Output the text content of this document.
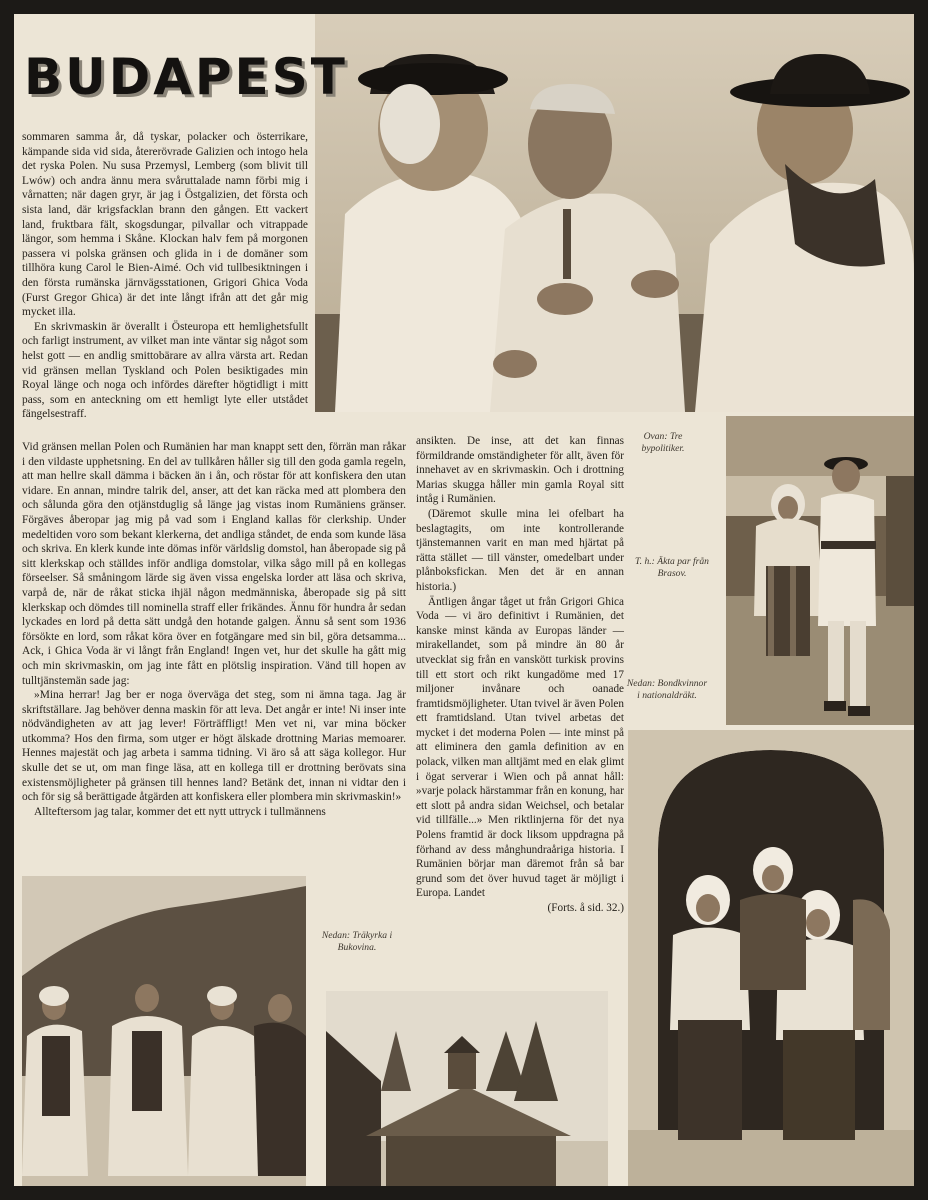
BUDAPEST

sommaren samma år, då tyskar, polacker och österrikare, kämpande sida vid sida, återerövrade Galizien och intogo hela det ryska Polen. Nu susa Przemysl, Lemberg (som blivit till Lwów) och andra ännu mera svåruttalade namn förbi mig i vårnatten; när dagen gryr, är jag i Östgalizien, det första och sista land, där krigsfacklan brann den gången. Ett vackert land, fruktbara fält, skogsdungar, pilvallar och vitrappade längor, som hemma i Skåne. Klockan halv fem på morgonen passera vi polska gränsen och glida in i de domäner som tillhöra kung Carol le Bien-Aimé. Och vid tullbesiktningen i den första rumänska järnvägsstationen, Grigori Ghica Voda (Furst Gregor Ghica) är det inte långt ifrån att det går mig mycket illa.

En skrivmaskin är överallt i Östeuropa ett hemlighetsfullt och farligt instrument, av vilket man inte väntar sig något som helst gott — en andlig smittobärare av allra värsta art. Redan vid gränsen mellan Tyskland och Polen besiktigades min Royal länge och noga och infördes därefter högtidligt i mitt pass, som en anteckning om ett hemligt lyte eller utstådet fängelsestraff.

Vid gränsen mellan Polen och Rumänien har man knappt sett den, förrän man råkar i den vildaste upphetsning. En del av tullkåren håller sig till den goda gamla regeln, att man hellre skall dämma i bäcken än i ån, och röstar för att konfiskera den utan vidare. En annan, mindre talrik del, anser, att det kan räcka med att plombera den och sålunda göra den otjänstduglig så länge jag vistas inom Rumäniens gränser. Förgäves åberopar jag mig på vad som i England kallas för clerkship. Under medeltiden voro som bekant klerkerna, det andliga ståndet, de enda som kunde läsa och skriva. En klerk kunde inte dömas inför världslig domstol, han åberopade sig på sitt klerkskap och ställdes inför andliga domstolar, vilka sågo mill på en kollegas förseelser. Så småningom lärde sig även vissa engelska lorder att läsa och skriva, varpå de, när de råkat sticka ihjäl någon medmänniska, åberopade sig på sitt klerkskap och dömdes till nominella straff eller frikändes. Ännu för hundra år sedan lyckades en lord på detta sätt undgå den hotande galgen. Ännu så sent som 1936 försökte en lord, som råkat köra över en fotgängare med sin bil, göra detsamma... Ack, i Ghica Voda är vi långt från England! Ingen vet, hur det skulle ha gått mig och min skrivmaskin, om jag inte fått en plötslig inspiration. Vänd till hopen av tulltjänstemän sade jag:

»Mina herrar! Jag ber er noga överväga det steg, som ni ämna taga. Jag är skriftställare. Jag behöver denna maskin för att leva. Det angår er inte! Ni inser inte nödvändigheten av att jag lever! Förträffligt! Men vet ni, var mina böcker utkomma? Hos den firma, som utger er högt älskade drottning Marias memoarer. Hennes majestät och jag arbeta i samma tidning. Vi äro så att säga kollegor. Hur skulle det se ut, om man finge läsa, att en kollega till er drottning berövats sina existensmöjligheter på gränsen till hennes land? Betänk det, innan ni vidtar den i och för sig så berättigade åtgärden att konfiskera eller plombera min skrivmaskin!»

Allteftersom jag talar, kommer det ett nytt uttryck i tullmännens

ansikten. De inse, att det kan finnas förmildrande omständigheter för allt, även för innehavet av en skrivmaskin. Och i drottning Marias skugga håller min gamla Royal sitt intåg i Rumänien.

(Däremot skulle mina lei ofelbart ha beslagtagits, om inte kontrollerande tjänstemannen varit en man med hjärtat på rätta stället — till vänster, omedelbart under plånboksfickan. Men det är en annan historia.)

Äntligen ångar tåget ut från Grigori Ghica Voda — vi äro definitivt i Rumänien, det kanske minst kända av Europas länder — mirakellandet, som på mindre än 80 år utvecklat sig från en vanskött turkisk provins till ett stort och rikt kungadöme med 17 miljoner invånare och oanade framtidsmöjligheter. Utan tvivel är även Polen ett framtidsland. Utan tvivel arbetas det mycket i det moderna Polen — inte minst på att eliminera den gamla definition av en polack, vilken man alltjämt med en elak glimt i ögat serverar i Wien och på annat håll: »varje polack härstammar från en konung, har ett slott på andra sidan Weichsel, och betalar vid tillfälle...» Men riktlinjerna för det nya Polens framtid är dock liksom uppdragna på förhand av dess månghundraåriga historia. I Rumänien börjar man däremot från så bar grund som det över huvud taget är möjligt i Europa. Landet

(Forts. å sid. 32.)

Ovan: Tre bypolitiker.
T. h.: Äkta par från Brasov.
Nedan: Bondkvinnor i nationaldräkt.
Nedan: Träkyrka i Bukovina.
